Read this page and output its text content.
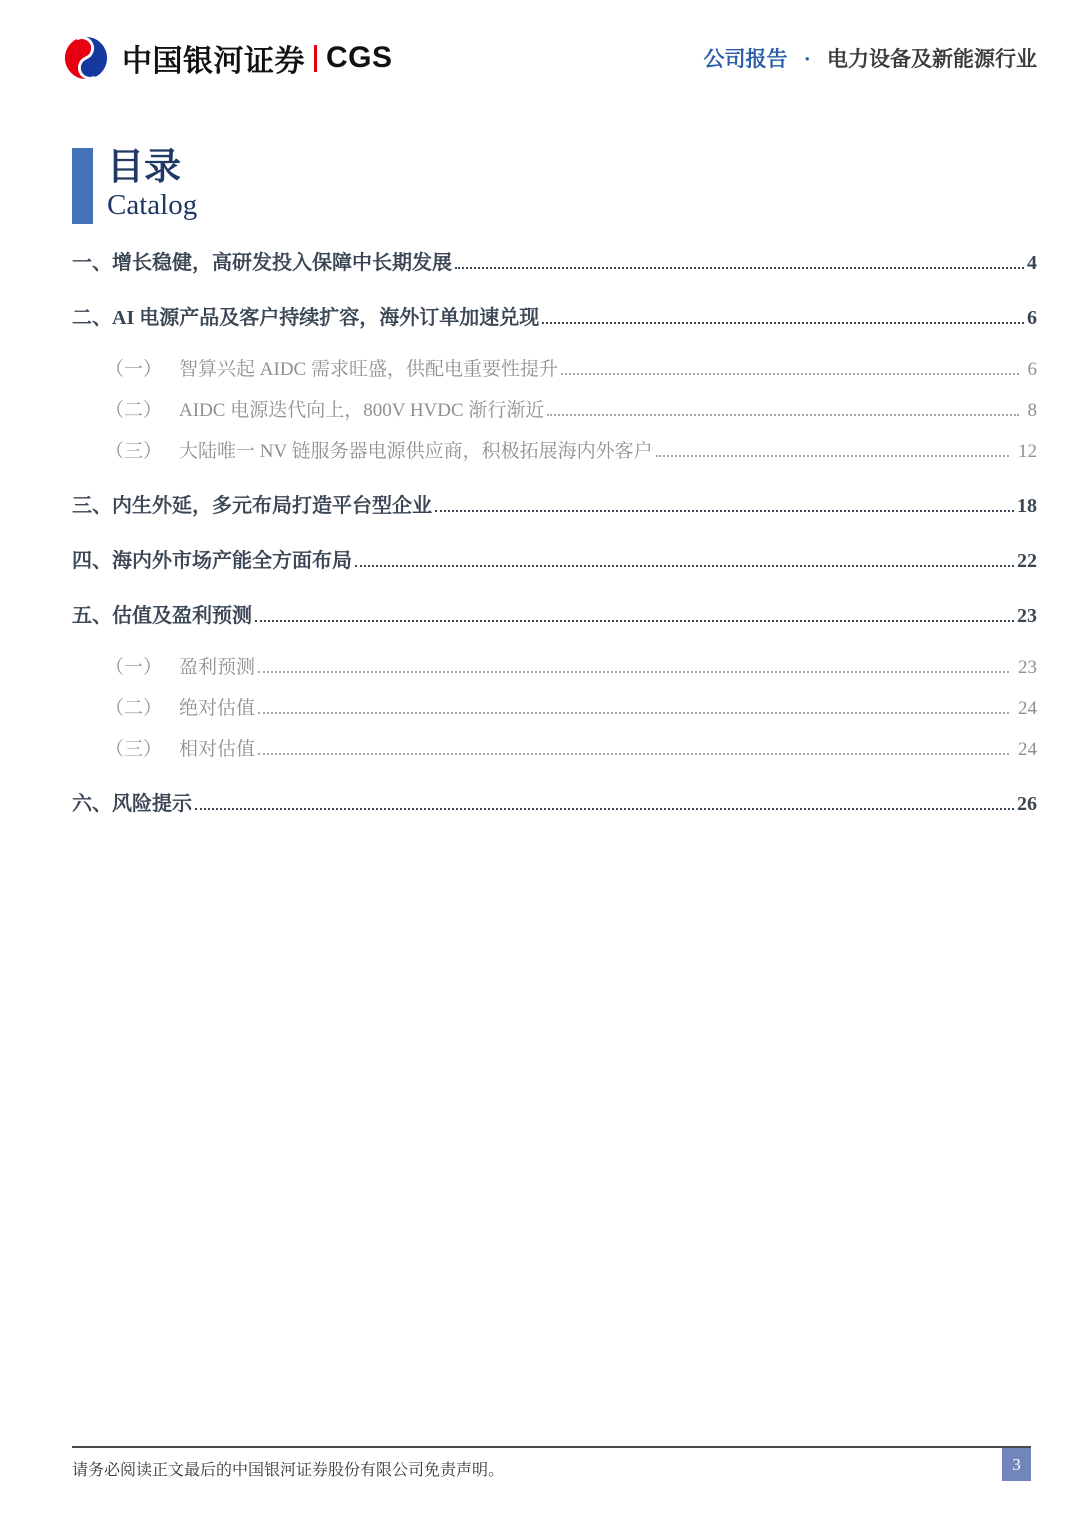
中国银河证券 CGS	公司报告 · 电力设备及新能源行业
目录
Catalog
一、增长稳健，高研发投入保障中长期发展	4
二、AI 电源产品及客户持续扩容，海外订单加速兑现	6
（一） 智算兴起 AIDC 需求旺盛，供配电重要性提升	6
（二） AIDC 电源迭代向上，800V HVDC 渐行渐近	8
（三） 大陆唯一 NV 链服务器电源供应商，积极拓展海内外客户	12
三、内生外延，多元布局打造平台型企业	18
四、海内外市场产能全方面布局	22
五、估值及盈利预测	23
（一） 盈利预测	23
（二） 绝对估值	24
（三） 相对估值	24
六、风险提示	26
请务必阅读正文最后的中国银河证券股份有限公司免责声明。	3
